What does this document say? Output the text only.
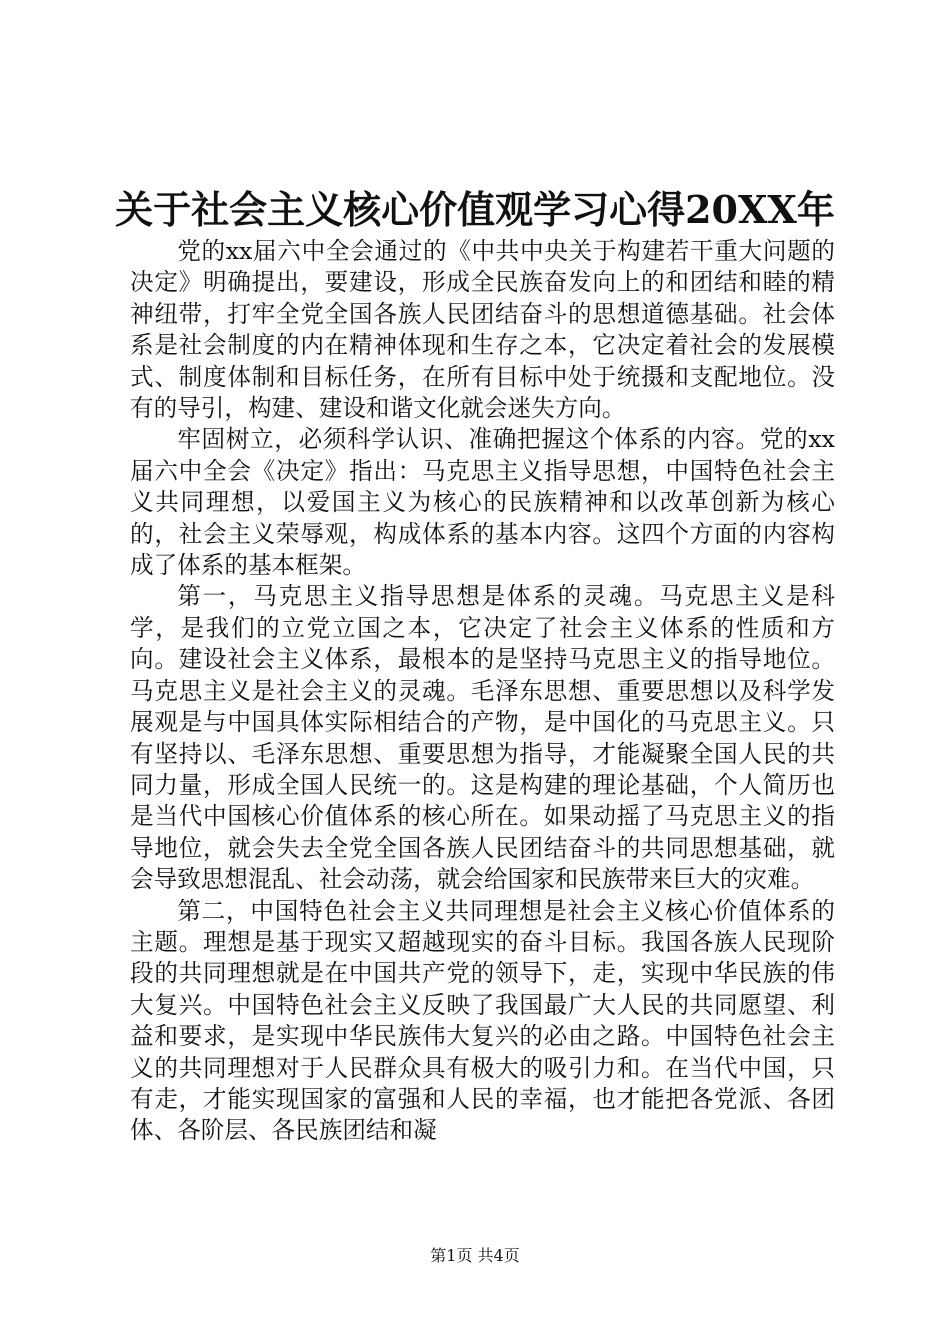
关于社会主义核心价值观学习心得20XX年

党的xx届六中全会通过的《中共中央关于构建若干重大问题的决定》明确提出，要建设，形成全民族奋发向上的和团结和睦的精神纽带，打牢全党全国各族人民团结奋斗的思想道德基础。社会体系是社会制度的内在精神体现和生存之本，它决定着社会的发展模式、制度体制和目标任务，在所有目标中处于统摄和支配地位。没有的导引，构建、建设和谐文化就会迷失方向。

牢固树立，必须科学认识、准确把握这个体系的内容。党的xx届六中全会《决定》指出：马克思主义指导思想，中国特色社会主义共同理想，以爱国主义为核心的民族精神和以改革创新为核心的，社会主义荣辱观，构成体系的基本内容。这四个方面的内容构成了体系的基本框架。

第一，马克思主义指导思想是体系的灵魂。马克思主义是科学，是我们的立党立国之本，它决定了社会主义体系的性质和方向。建设社会主义体系，最根本的是坚持马克思主义的指导地位。马克思主义是社会主义的灵魂。毛泽东思想、重要思想以及科学发展观是与中国具体实际相结合的产物，是中国化的马克思主义。只有坚持以、毛泽东思想、重要思想为指导，才能凝聚全国人民的共同力量，形成全国人民统一的。这是构建的理论基础，个人简历也是当代中国核心价值体系的核心所在。如果动摇了马克思主义的指导地位，就会失去全党全国各族人民团结奋斗的共同思想基础，就会导致思想混乱、社会动荡，就会给国家和民族带来巨大的灾难。

第二，中国特色社会主义共同理想是社会主义核心价值体系的主题。理想是基于现实又超越现实的奋斗目标。我国各族人民现阶段的共同理想就是在中国共产党的领导下，走，实现中华民族的伟大复兴。中国特色社会主义反映了我国最广大人民的共同愿望、利益和要求，是实现中华民族伟大复兴的必由之路。中国特色社会主义的共同理想对于人民群众具有极大的吸引力和。在当代中国，只有走，才能实现国家的富强和人民的幸福，也才能把各党派、各团体、各阶层、各民族团结和凝

第1页 共4页
